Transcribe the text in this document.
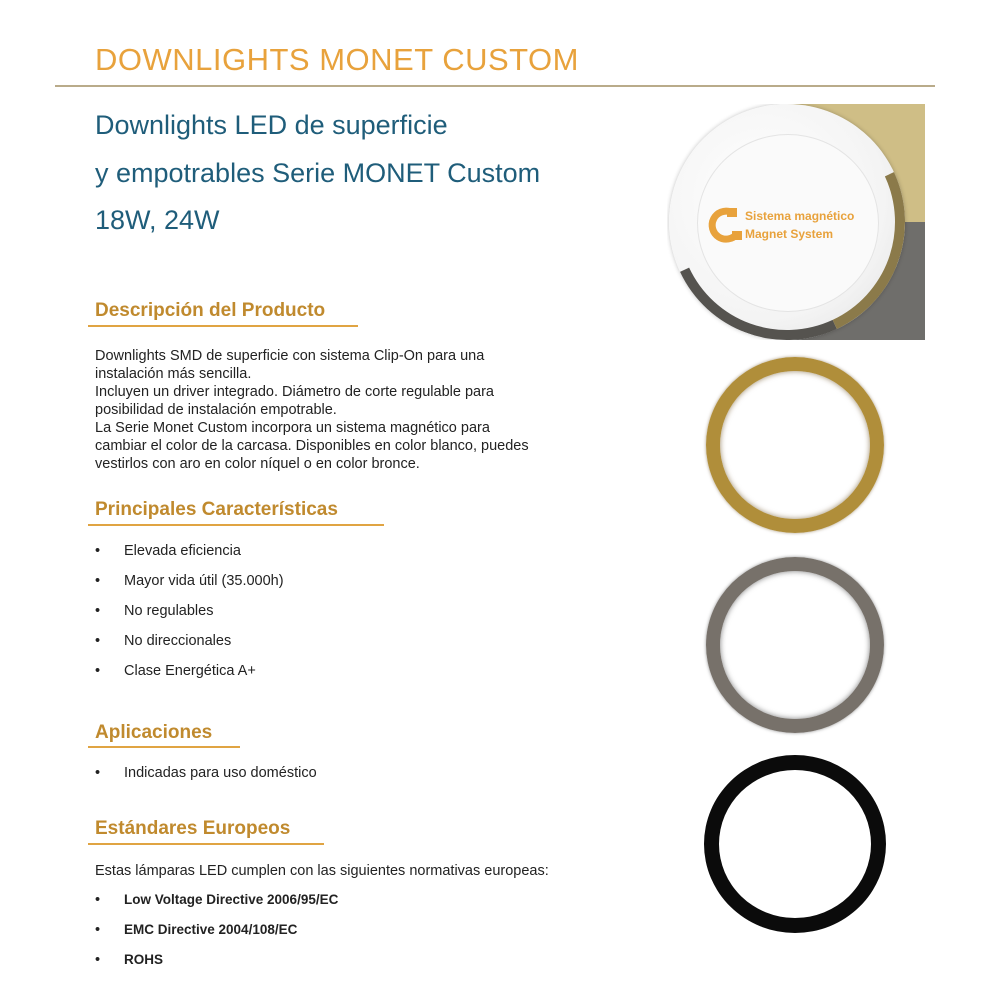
DOWNLIGHTS MONET CUSTOM
Downlights LED de superficie
y empotrables Serie MONET Custom
18W, 24W	Sistema magnético
Magnet System
Descripción del Producto
Downlights SMD de superficie con sistema Clip-On para una
instalación más sencilla.
Incluyen un driver integrado. Diámetro de corte regulable para
posibilidad de instalación empotrable.
La Serie Monet Custom incorpora un sistema magnético para
cambiar el color de la carcasa. Disponibles en color blanco, puedes
vestirlos con aro en color níquel o en color bronce.
Principales Características
• Elevada eficiencia
• Mayor vida útil (35.000h)
• No regulables
• No direccionales
• Clase Energética A+
Aplicaciones
• Indicadas para uso doméstico
Estándares Europeos
Estas lámparas LED cumplen con las siguientes normativas europeas:
• Low Voltage Directive 2006/95/EC
• EMC Directive 2004/108/EC
• ROHS
